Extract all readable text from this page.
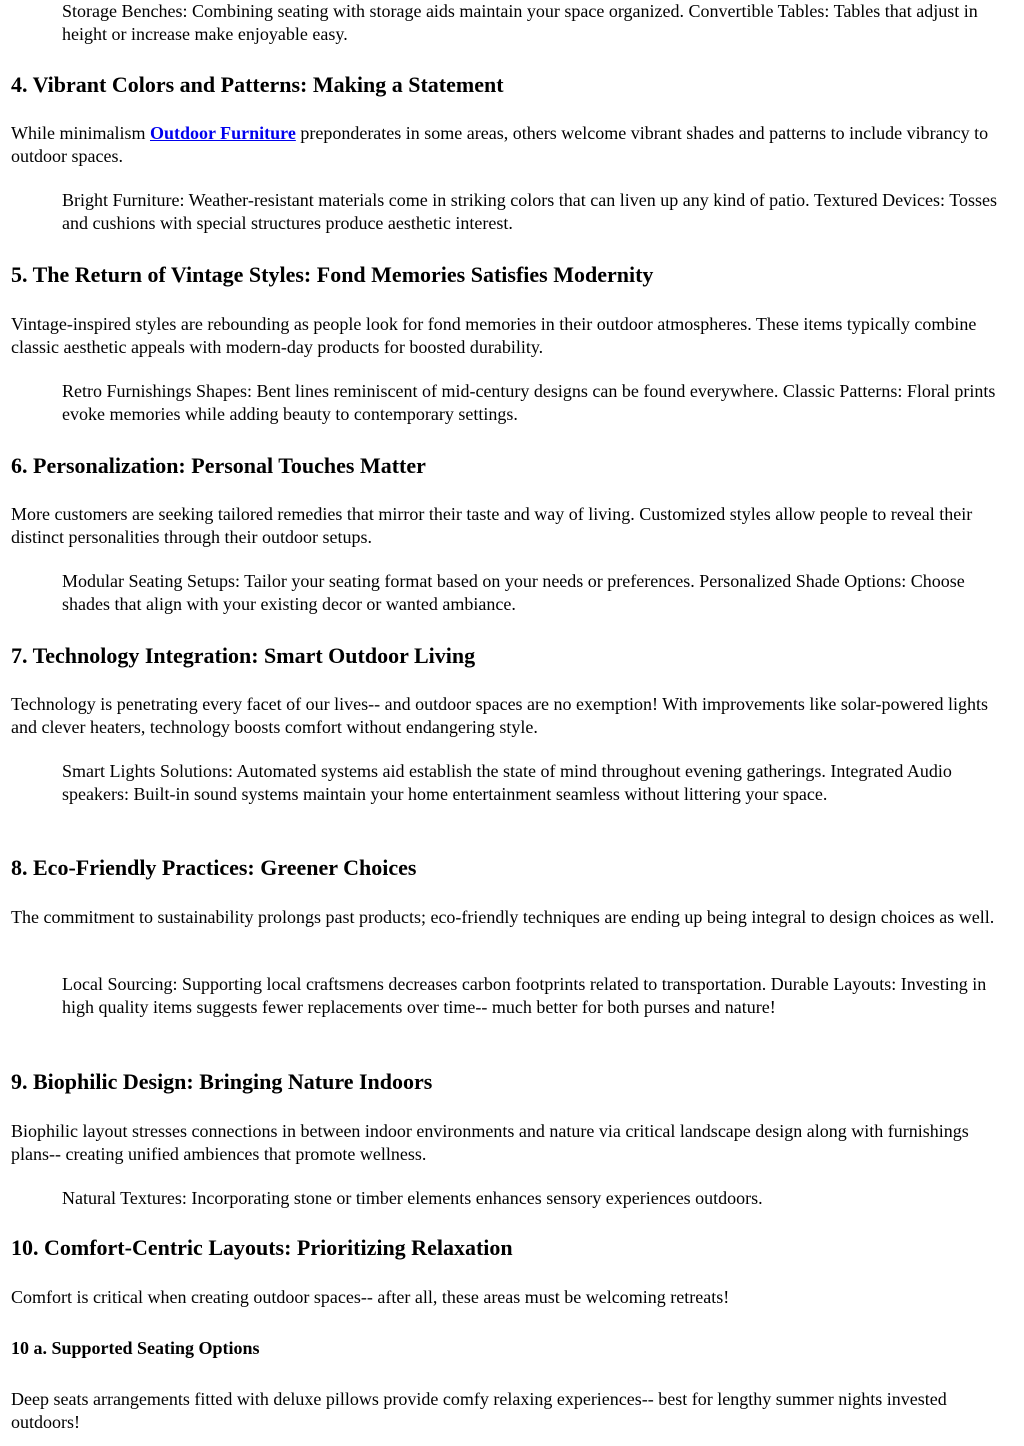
Storage Benches: Combining seating with storage aids maintain your space organized. Convertible Tables: Tables that adjust in height or increase make enjoyable easy.

4. Vibrant Colors and Patterns: Making a Statement

While minimalism Outdoor Furniture preponderates in some areas, others welcome vibrant shades and patterns to include vibrancy to outdoor spaces.

Bright Furniture: Weather-resistant materials come in striking colors that can liven up any kind of patio. Textured Devices: Tosses and cushions with special structures produce aesthetic interest.

5. The Return of Vintage Styles: Fond Memories Satisfies Modernity

Vintage-inspired styles are rebounding as people look for fond memories in their outdoor atmospheres. These items typically combine classic aesthetic appeals with modern-day products for boosted durability.

Retro Furnishings Shapes: Bent lines reminiscent of mid-century designs can be found everywhere. Classic Patterns: Floral prints evoke memories while adding beauty to contemporary settings.

6. Personalization: Personal Touches Matter

More customers are seeking tailored remedies that mirror their taste and way of living. Customized styles allow people to reveal their distinct personalities through their outdoor setups.

Modular Seating Setups: Tailor your seating format based on your needs or preferences. Personalized Shade Options: Choose shades that align with your existing decor or wanted ambiance.

7. Technology Integration: Smart Outdoor Living

Technology is penetrating every facet of our lives-- and outdoor spaces are no exemption! With improvements like solar-powered lights and clever heaters, technology boosts comfort without endangering style.

Smart Lights Solutions: Automated systems aid establish the state of mind throughout evening gatherings. Integrated Audio speakers: Built-in sound systems maintain your home entertainment seamless without littering your space.

8. Eco-Friendly Practices: Greener Choices

The commitment to sustainability prolongs past products; eco-friendly techniques are ending up being integral to design choices as well.

Local Sourcing: Supporting local craftsmens decreases carbon footprints related to transportation. Durable Layouts: Investing in high quality items suggests fewer replacements over time-- much better for both purses and nature!

9. Biophilic Design: Bringing Nature Indoors

Biophilic layout stresses connections in between indoor environments and nature via critical landscape design along with furnishings plans-- creating unified ambiences that promote wellness.

Natural Textures: Incorporating stone or timber elements enhances sensory experiences outdoors.

10. Comfort-Centric Layouts: Prioritizing Relaxation

Comfort is critical when creating outdoor spaces-- after all, these areas must be welcoming retreats!

10 a. Supported Seating Options

Deep seats arrangements fitted with deluxe pillows provide comfy relaxing experiences-- best for lengthy summer nights invested outdoors!
